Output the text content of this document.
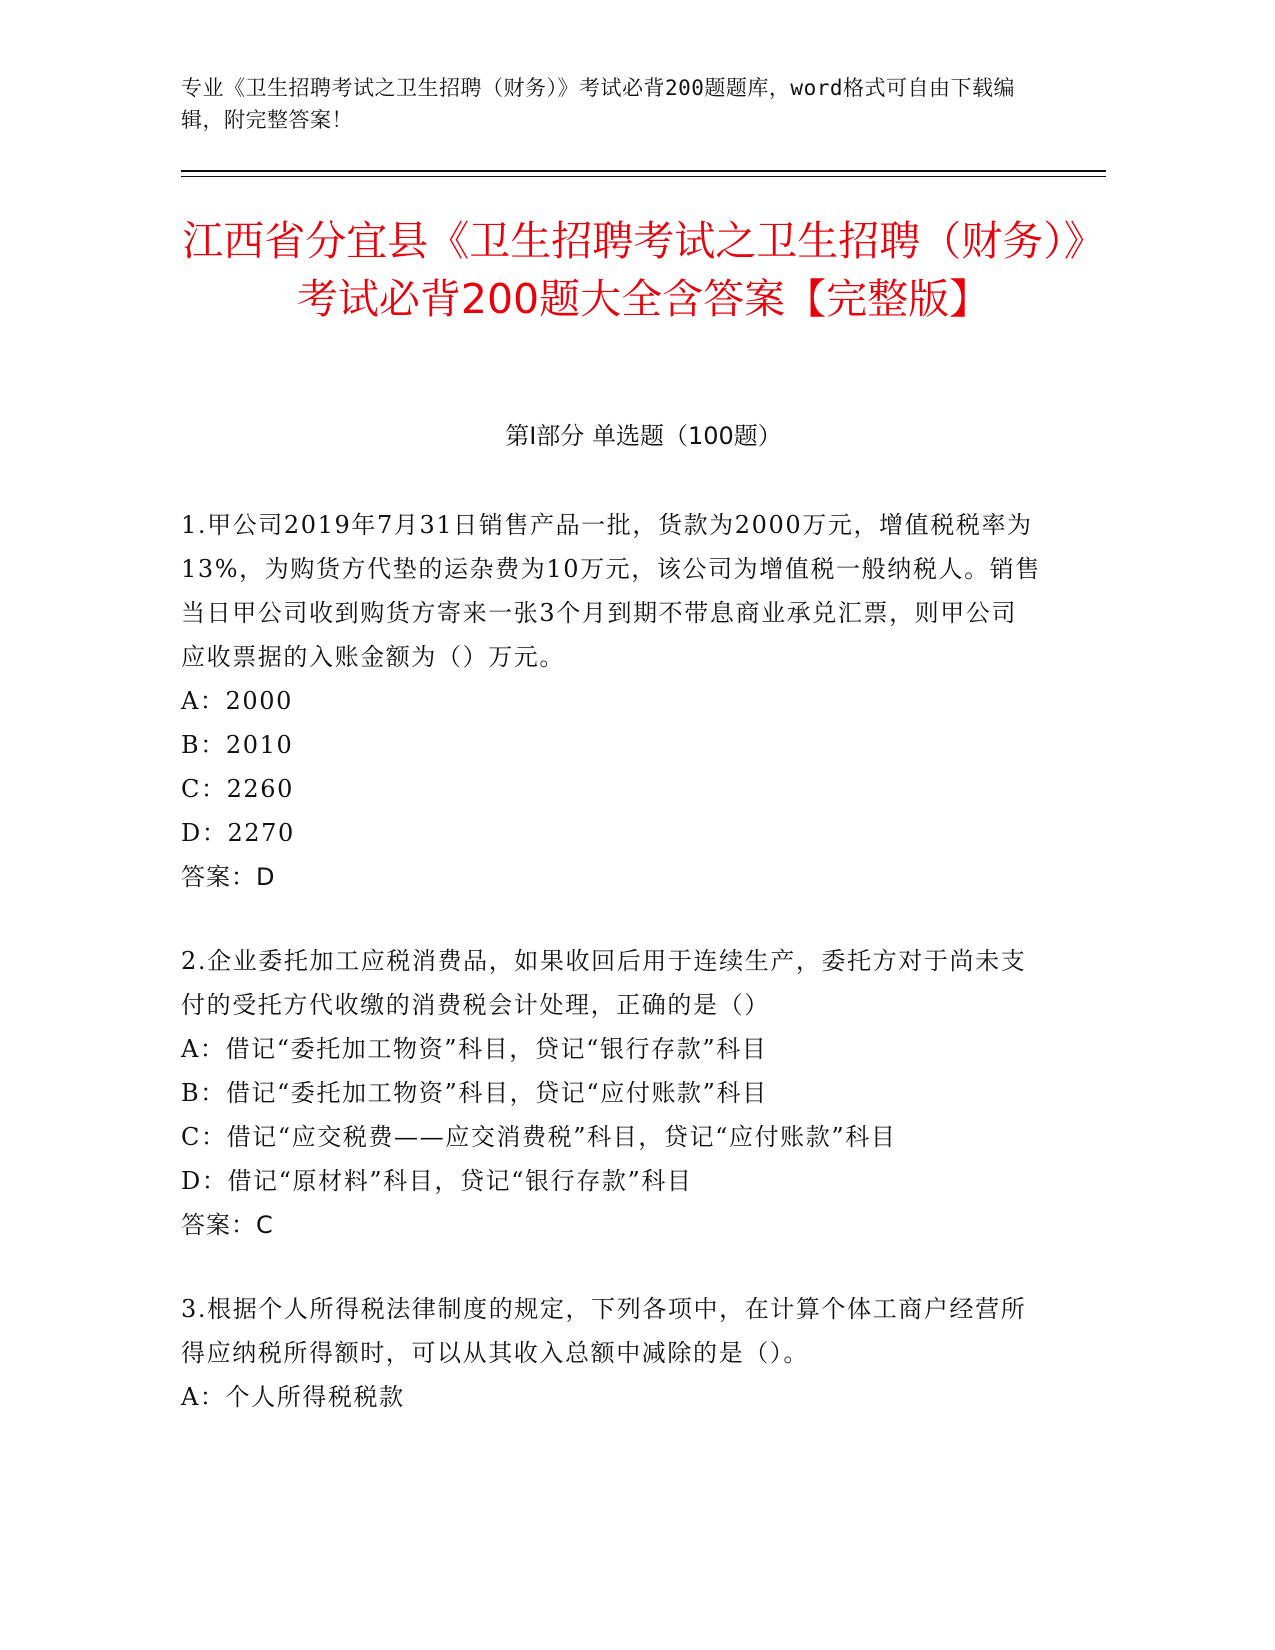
专业《卫生招聘考试之卫生招聘（财务）》考试必背200题题库，word格式可自由下载编辑，附完整答案！
江西省分宜县《卫生招聘考试之卫生招聘（财务）》考试必背200题大全含答案【完整版】
第I部分 单选题（100题）
1.甲公司2019年7月31日销售产品一批，货款为2000万元，增值税税率为13%，为购货方代垫的运杂费为10万元，该公司为增值税一般纳税人。销售当日甲公司收到购货方寄来一张3个月到期不带息商业承兑汇票，则甲公司应收票据的入账金额为（）万元。
A：2000
B：2010
C：2260
D：2270
答案：D
2.企业委托加工应税消费品，如果收回后用于连续生产，委托方对于尚未支付的受托方代收缴的消费税会计处理，正确的是（）
A：借记“委托加工物资”科目，贷记“银行存款”科目
B：借记“委托加工物资”科目，贷记“应付账款”科目
C：借记“应交税费——应交消费税”科目，贷记“应付账款”科目
D：借记“原材料”科目，贷记“银行存款”科目
答案：C
3.根据个人所得税法律制度的规定，下列各项中，在计算个体工商户经营所得应纳税所得额时，可以从其收入总额中减除的是（）。
A：个人所得税税款
